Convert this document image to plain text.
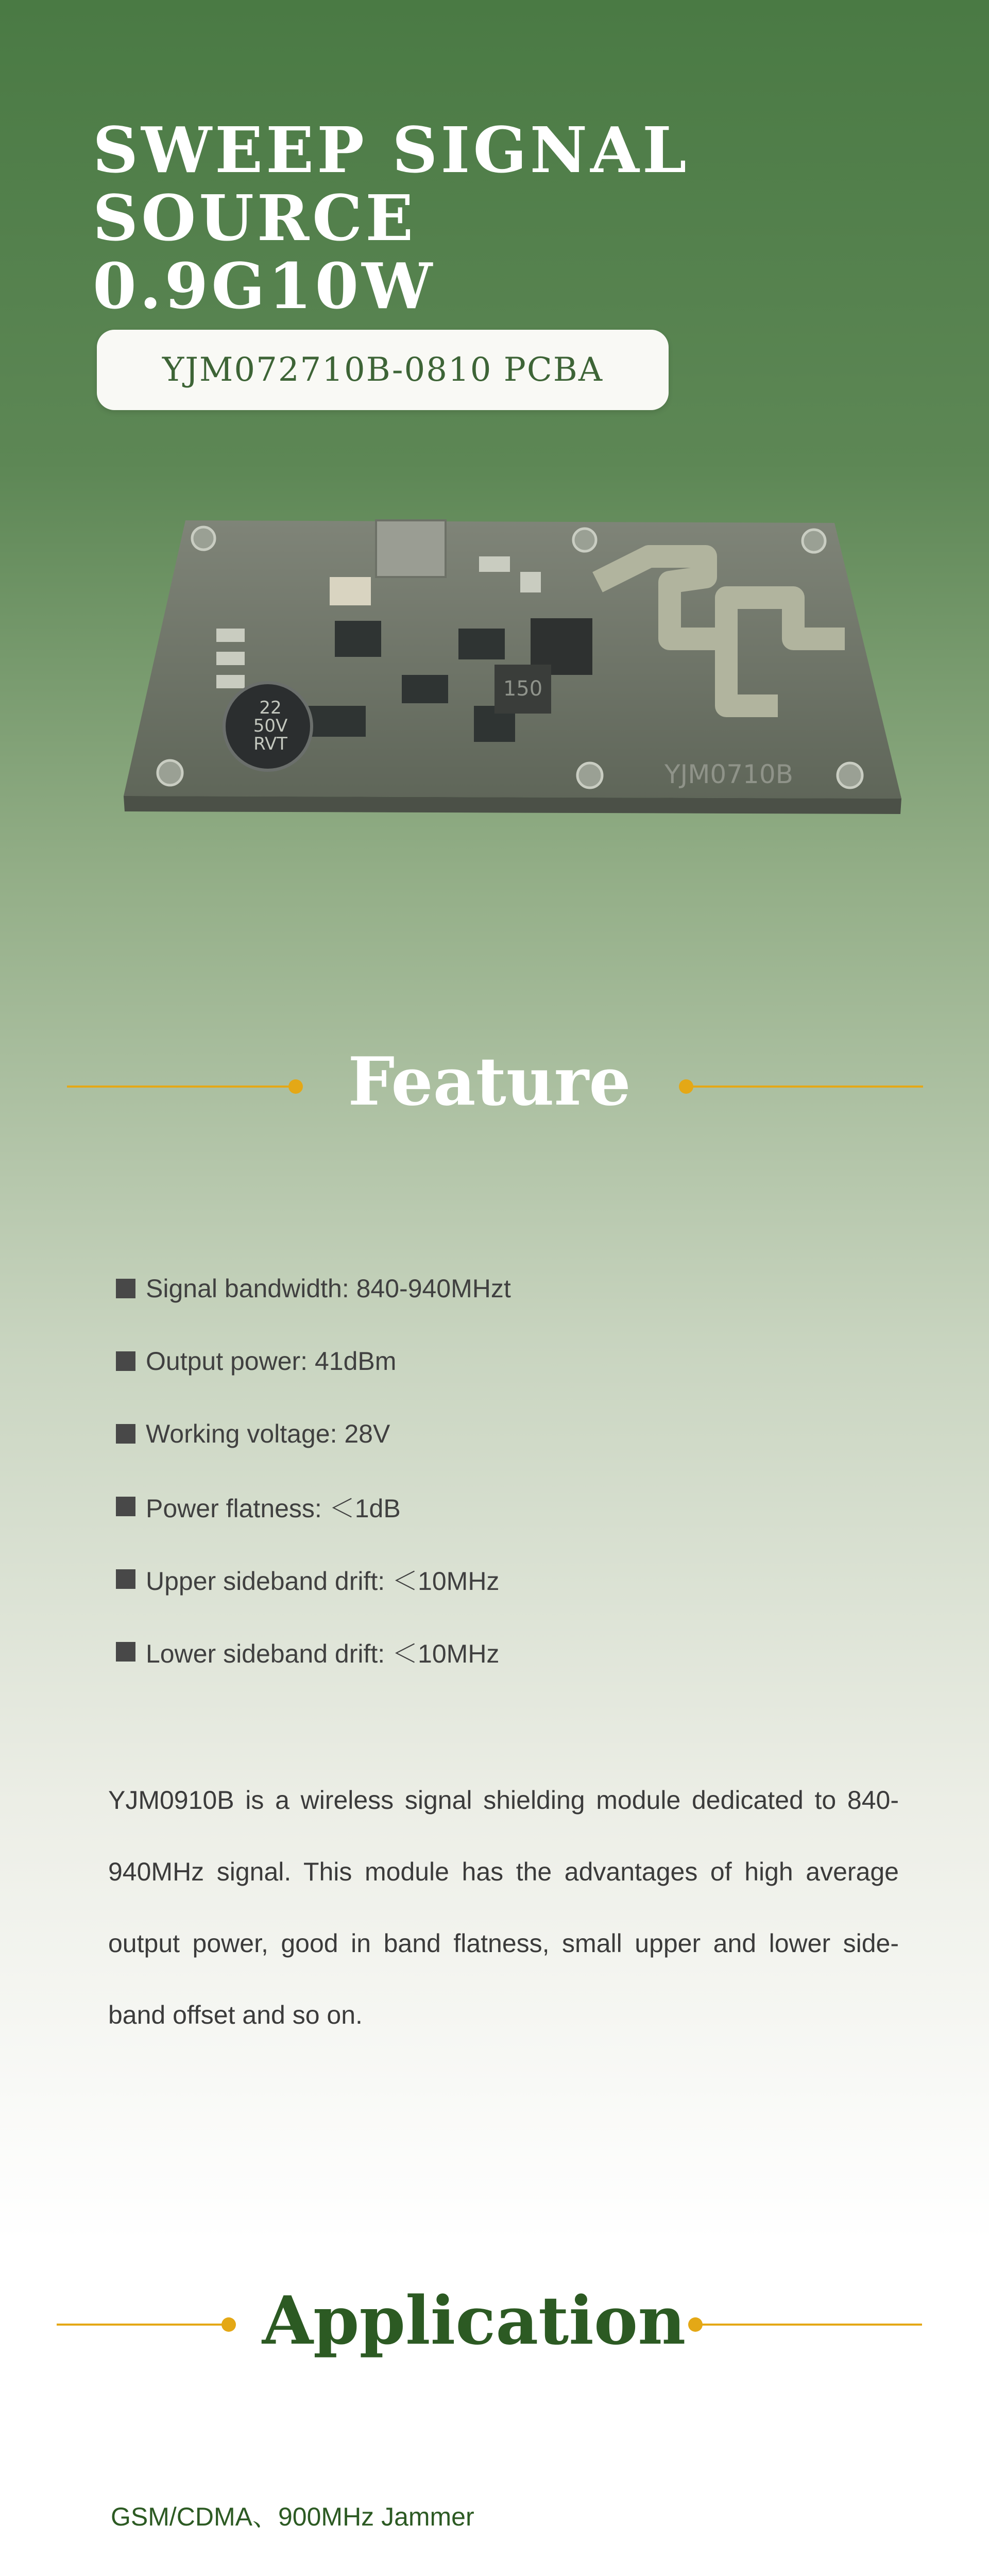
SWEEP SIGNAL SOURCE
0.9G10W
YJM072710B-0810 PCBA
150
22
50V
RVT
YJM0710B
Feature
Signal bandwidth: 840-940MHzt
Output power: 41dBm
Working voltage: 28V
Power flatness: ＜1dB
Upper sideband drift: ＜10MHz
Lower sideband drift: ＜10MHz
YJM0910B is a wireless signal shielding module dedicated to 840-940MHz signal. This module has the advantages of high average output power, good in band flatness, small upper and lower side-band offset and so on.
Application
GSM/CDMA、900MHz Jammer
